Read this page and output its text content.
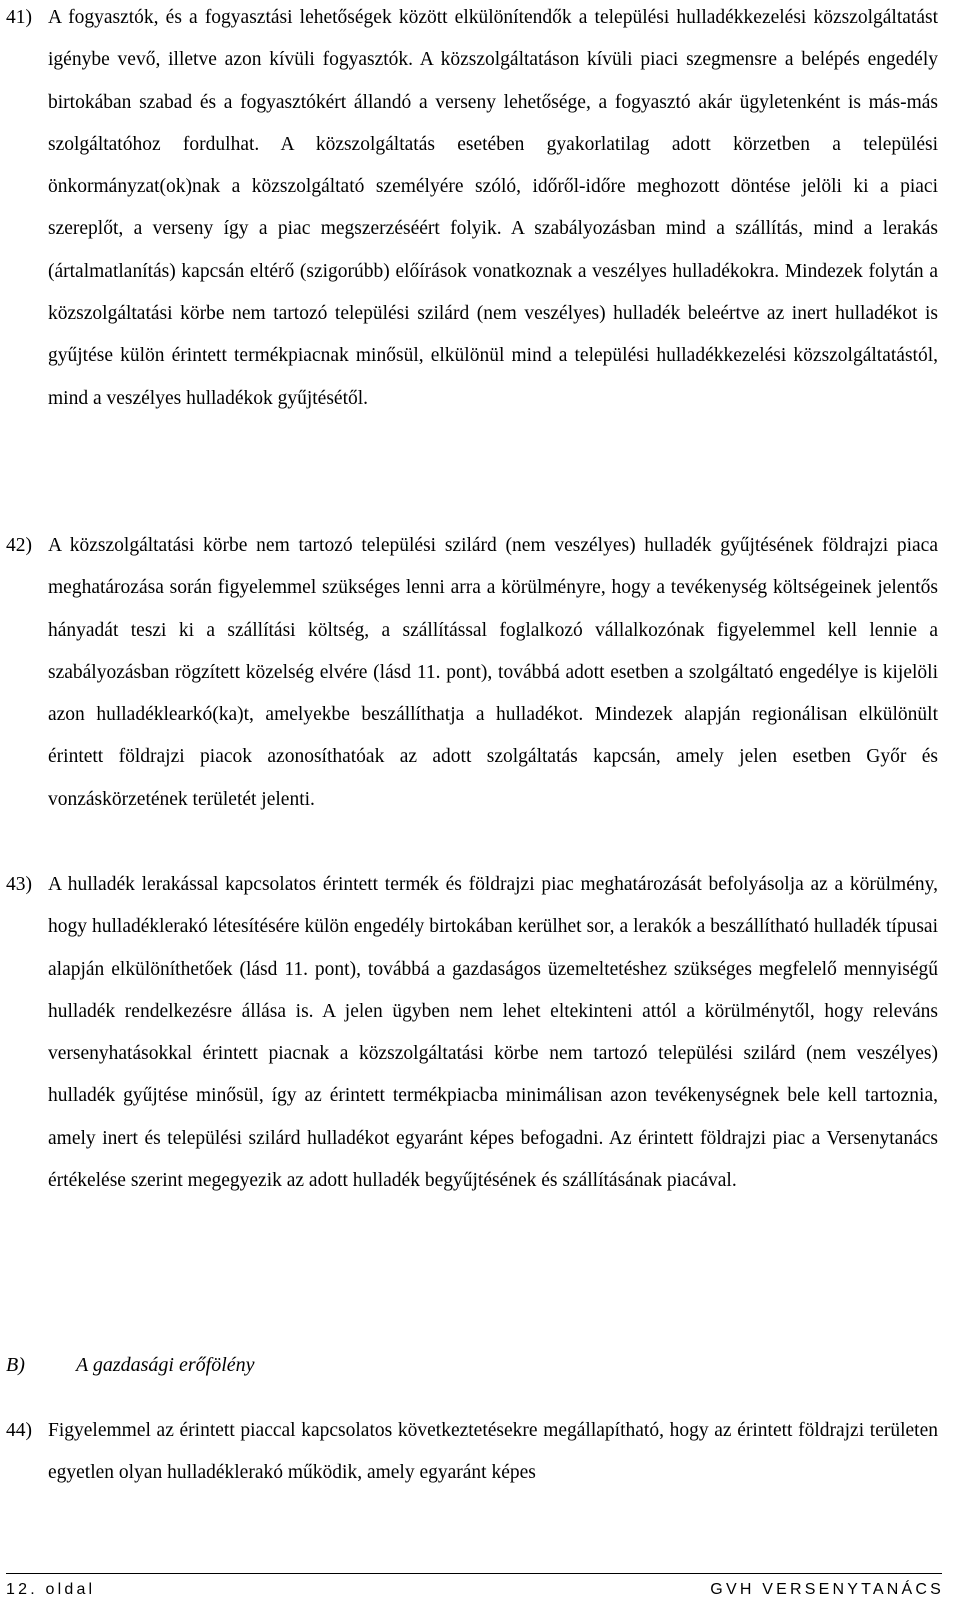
41) A fogyasztók, és a fogyasztási lehetőségek között elkülönítendők a települési hulladékkezelési közszolgáltatást igénybe vevő, illetve azon kívüli fogyasztók. A közszolgáltatáson kívüli piaci szegmensre a belépés engedély birtokában szabad és a fogyasztókért állandó a verseny lehetősége, a fogyasztó akár ügyletenként is más-más szolgáltatóhoz fordulhat. A közszolgáltatás esetében gyakorlatilag adott körzetben a települési önkormányzat(ok)nak a közszolgáltató személyére szóló, időről-időre meghozott döntése jelöli ki a piaci szereplőt, a verseny így a piac megszerzéséért folyik. A szabályozásban mind a szállítás, mind a lerakás (ártalmatlanítás) kapcsán eltérő (szigorúbb) előírások vonatkoznak a veszélyes hulladékokra. Mindezek folytán a közszolgáltatási körbe nem tartozó települési szilárd (nem veszélyes) hulladék beleértve az inert hulladékot is gyűjtése külön érintett termékpiacnak minősül, elkülönül mind a települési hulladékkezelési közszolgáltatástól, mind a veszélyes hulladékok gyűjtésétől.
42) A közszolgáltatási körbe nem tartozó települési szilárd (nem veszélyes) hulladék gyűjtésének földrajzi piaca meghatározása során figyelemmel szükséges lenni arra a körülményre, hogy a tevékenység költségeinek jelentős hányadát teszi ki a szállítási költség, a szállítással foglalkozó vállalkozónak figyelemmel kell lennie a szabályozásban rögzített közelség elvére (lásd 11. pont), továbbá adott esetben a szolgáltató engedélye is kijelöli azon hulladéklearkó(ka)t, amelyekbe beszállíthatja a hulladékot. Mindezek alapján regionálisan elkülönült érintett földrajzi piacok azonosíthatóak az adott szolgáltatás kapcsán, amely jelen esetben Győr és vonzáskörzetének területét jelenti.
43) A hulladék lerakással kapcsolatos érintett termék és földrajzi piac meghatározását befolyásolja az a körülmény, hogy hulladéklerakó létesítésére külön engedély birtokában kerülhet sor, a lerakók a beszállítható hulladék típusai alapján elkülöníthetőek (lásd 11. pont), továbbá a gazdaságos üzemeltetéshez szükséges megfelelő mennyiségű hulladék rendelkezésre állása is. A jelen ügyben nem lehet eltekinteni attól a körülménytől, hogy releváns versenyhatásokkal érintett piacnak a közszolgáltatási körbe nem tartozó települési szilárd (nem veszélyes) hulladék gyűjtése minősül, így az érintett termékpiacba minimálisan azon tevékenységnek bele kell tartoznia, amely inert és települési szilárd hulladékot egyaránt képes befogadni. Az érintett földrajzi piac a Versenytanács értékelése szerint megegyezik az adott hulladék begyűjtésének és szállításának piacával.
B)	A gazdasági erőfölény
44) Figyelemmel az érintett piaccal kapcsolatos következtetésekre megállapítható, hogy az érintett földrajzi területen egyetlen olyan hulladéklerakó működik, amely egyaránt képes
12. oldal	GVH VERSENYTANÁCS
